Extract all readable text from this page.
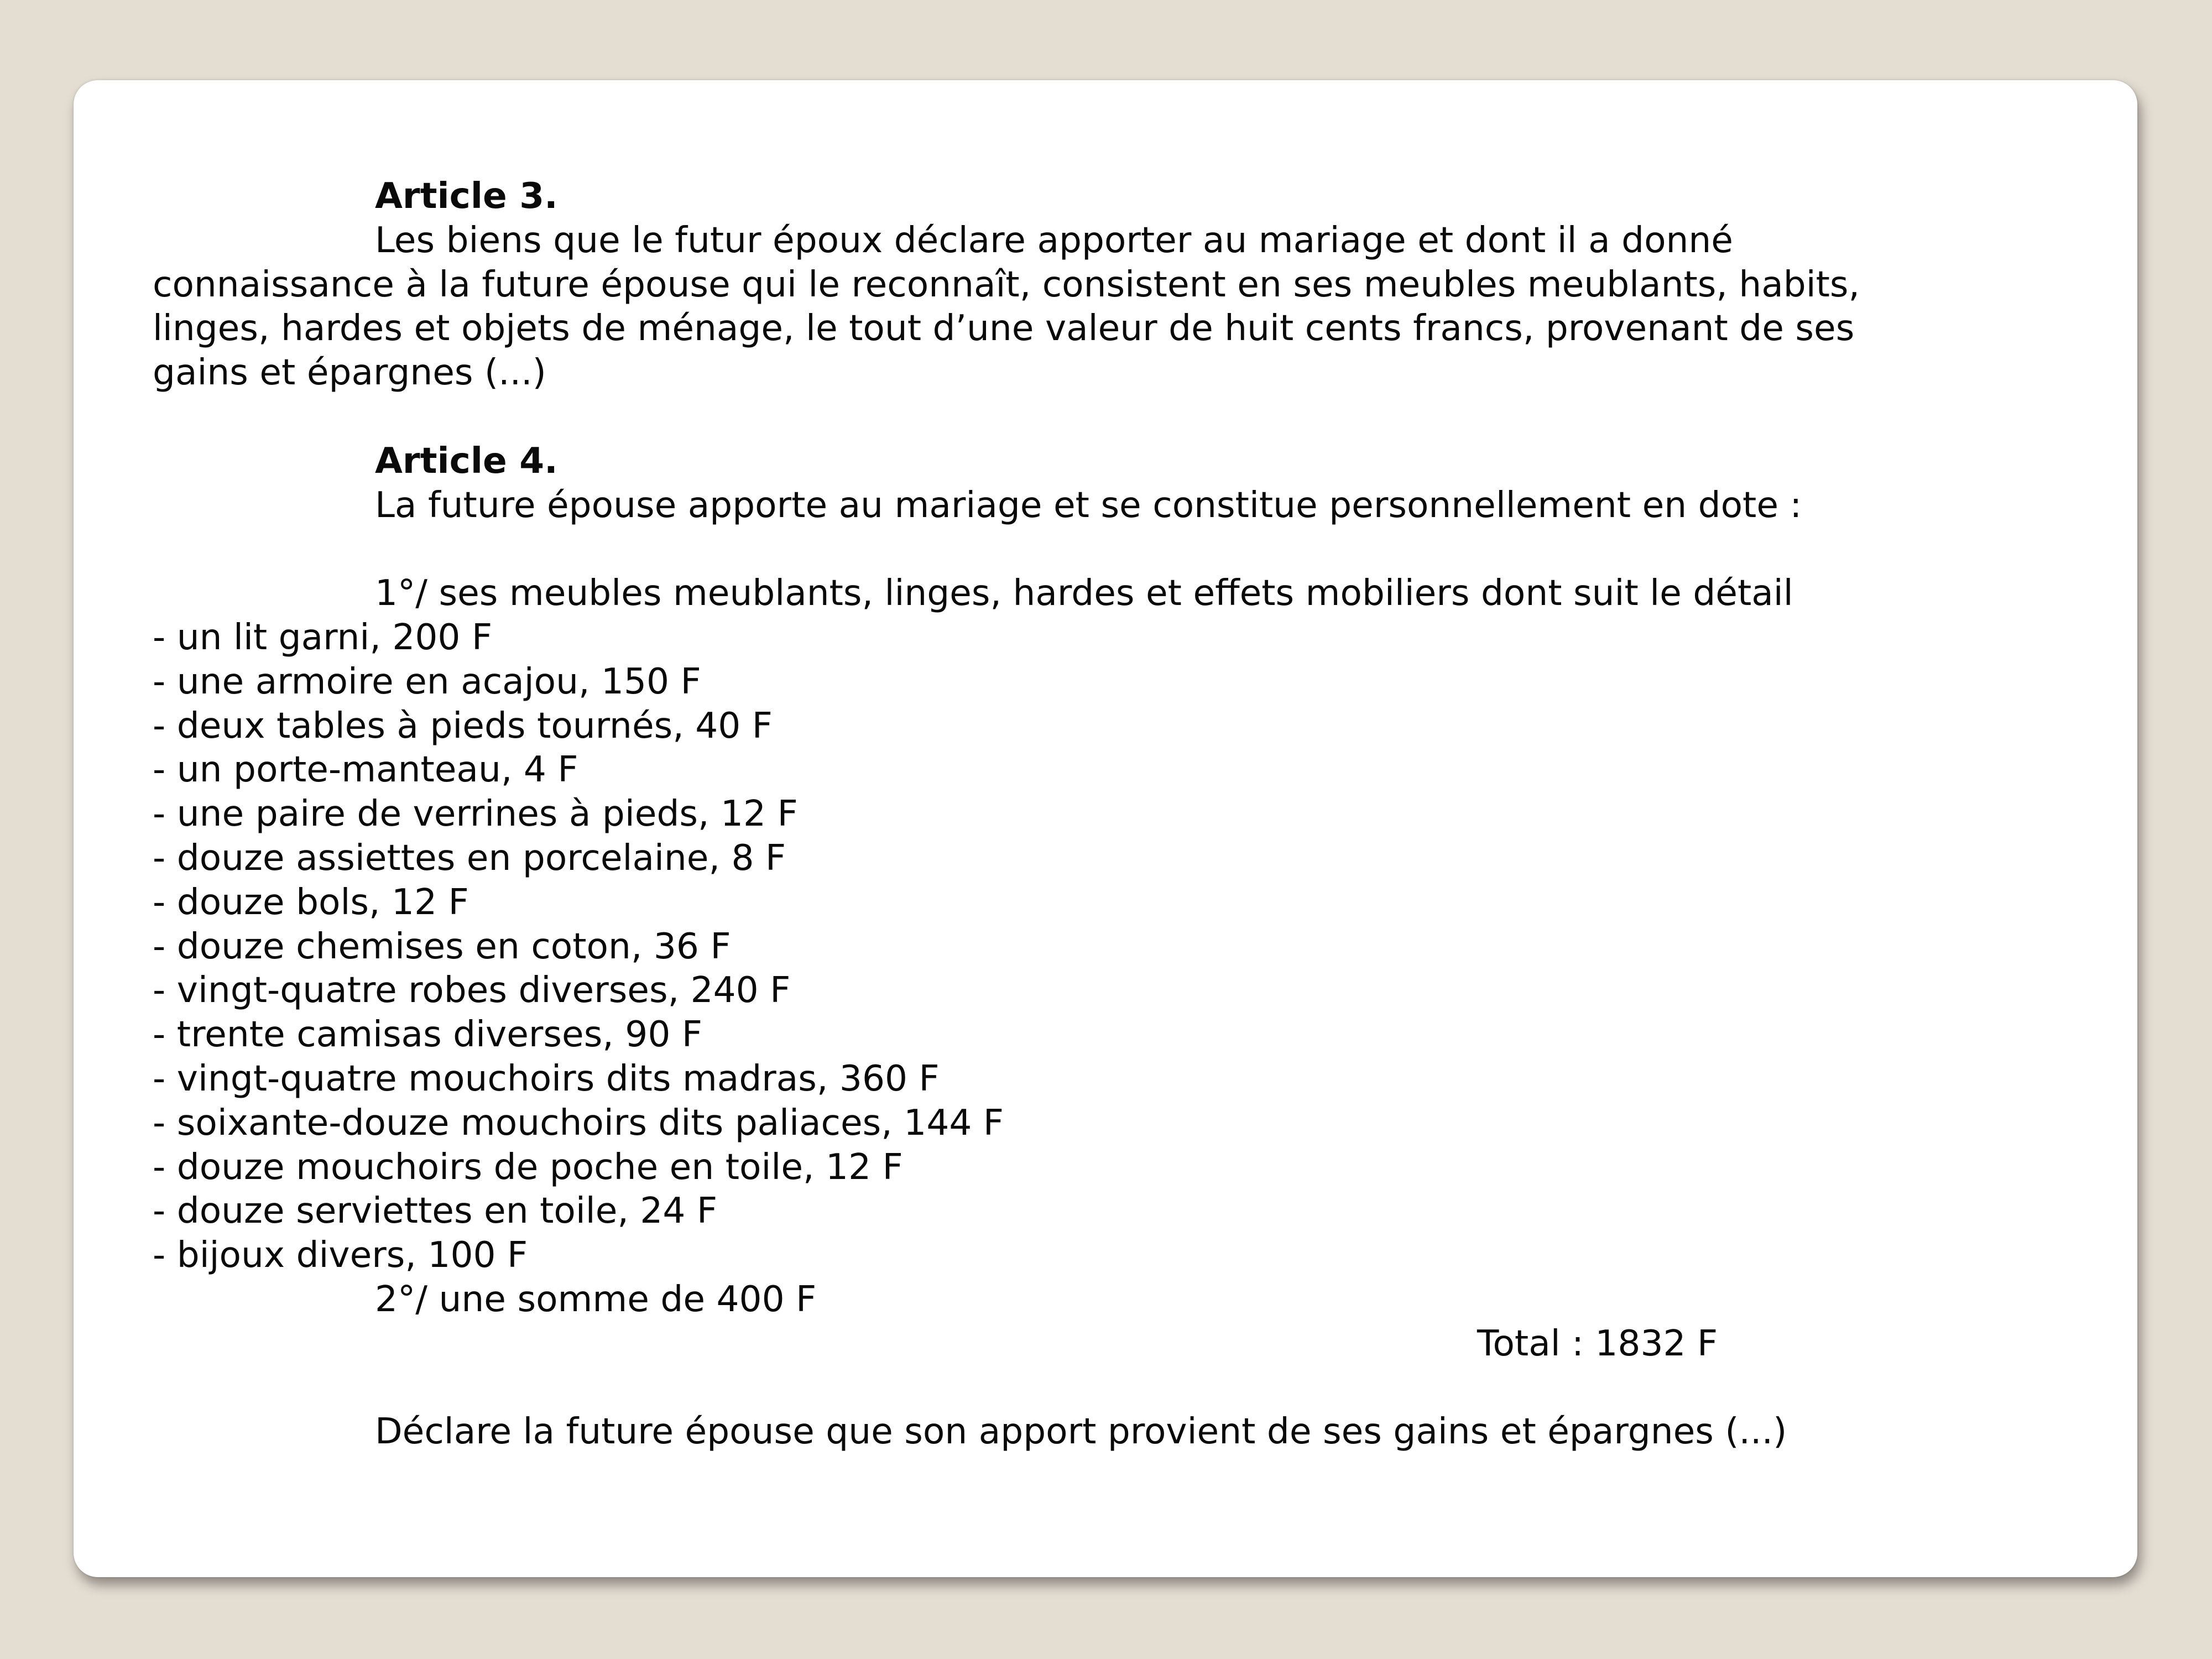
Article 3.
Les biens que le futur époux déclare apporter au mariage et dont il a donné
connaissance à la future épouse qui le reconnaît, consistent en ses meubles meublants, habits,
linges, hardes et objets de ménage, le tout d’une valeur de huit cents francs, provenant de ses
gains et épargnes (...)
Article 4.
La future épouse apporte au mariage et se constitue personnellement en dote :
1°/ ses meubles meublants, linges, hardes et effets mobiliers dont suit le détail
- un lit garni, 200 F
- une armoire en acajou, 150 F
- deux tables à pieds tournés, 40 F
- un porte-manteau, 4 F
- une paire de verrines à pieds, 12 F
- douze assiettes en porcelaine, 8 F
- douze bols, 12 F
- douze chemises en coton, 36 F
- vingt-quatre robes diverses, 240 F
- trente camisas diverses, 90 F
- vingt-quatre mouchoirs dits madras, 360 F
- soixante-douze mouchoirs dits paliaces, 144 F
- douze mouchoirs de poche en toile, 12 F
- douze serviettes en toile, 24 F
- bijoux divers, 100 F
2°/ une somme de 400 F
Total : 1832 F
Déclare la future épouse que son apport provient de ses gains et épargnes (...)
